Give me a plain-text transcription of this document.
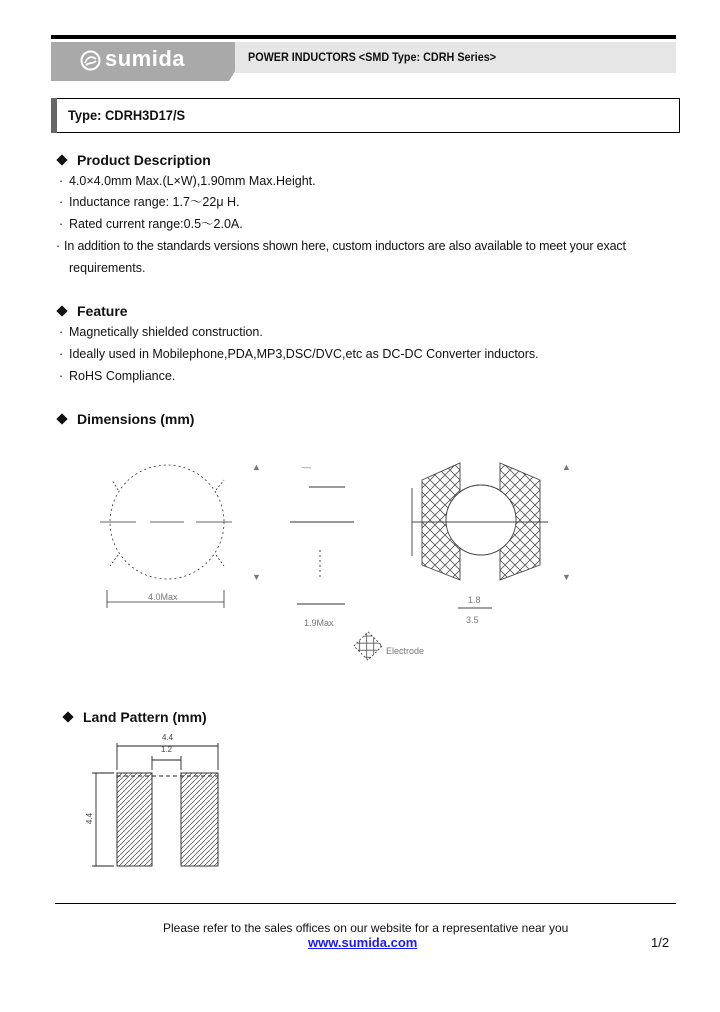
sumida	POWER INDUCTORS <SMD Type: CDRH Series>
Type: CDRH3D17/S
Product Description
· 4.0×4.0mm Max.(L×W),1.90mm Max.Height.
· Inductance range: 1.7〜22μ H.
· Rated current range:0.5〜2.0A.
· In addition to the standards versions shown here, custom inductors are also available to meet your exact
requirements.
Feature
· Magnetically shielded construction.
· Ideally used in Mobilephone,PDA,MP3,DSC/DVC,etc as DC-DC Converter inductors.
· RoHS Compliance.
Dimensions (mm)
4.0Max
▲
▼
—
1.9Max
1.8
3.5
▲
▼
Electrode
4.4
1.2
4.4
Land Pattern (mm)
Please refer to the sales offices on our website for a representative near you
www.sumida.com	1/2
